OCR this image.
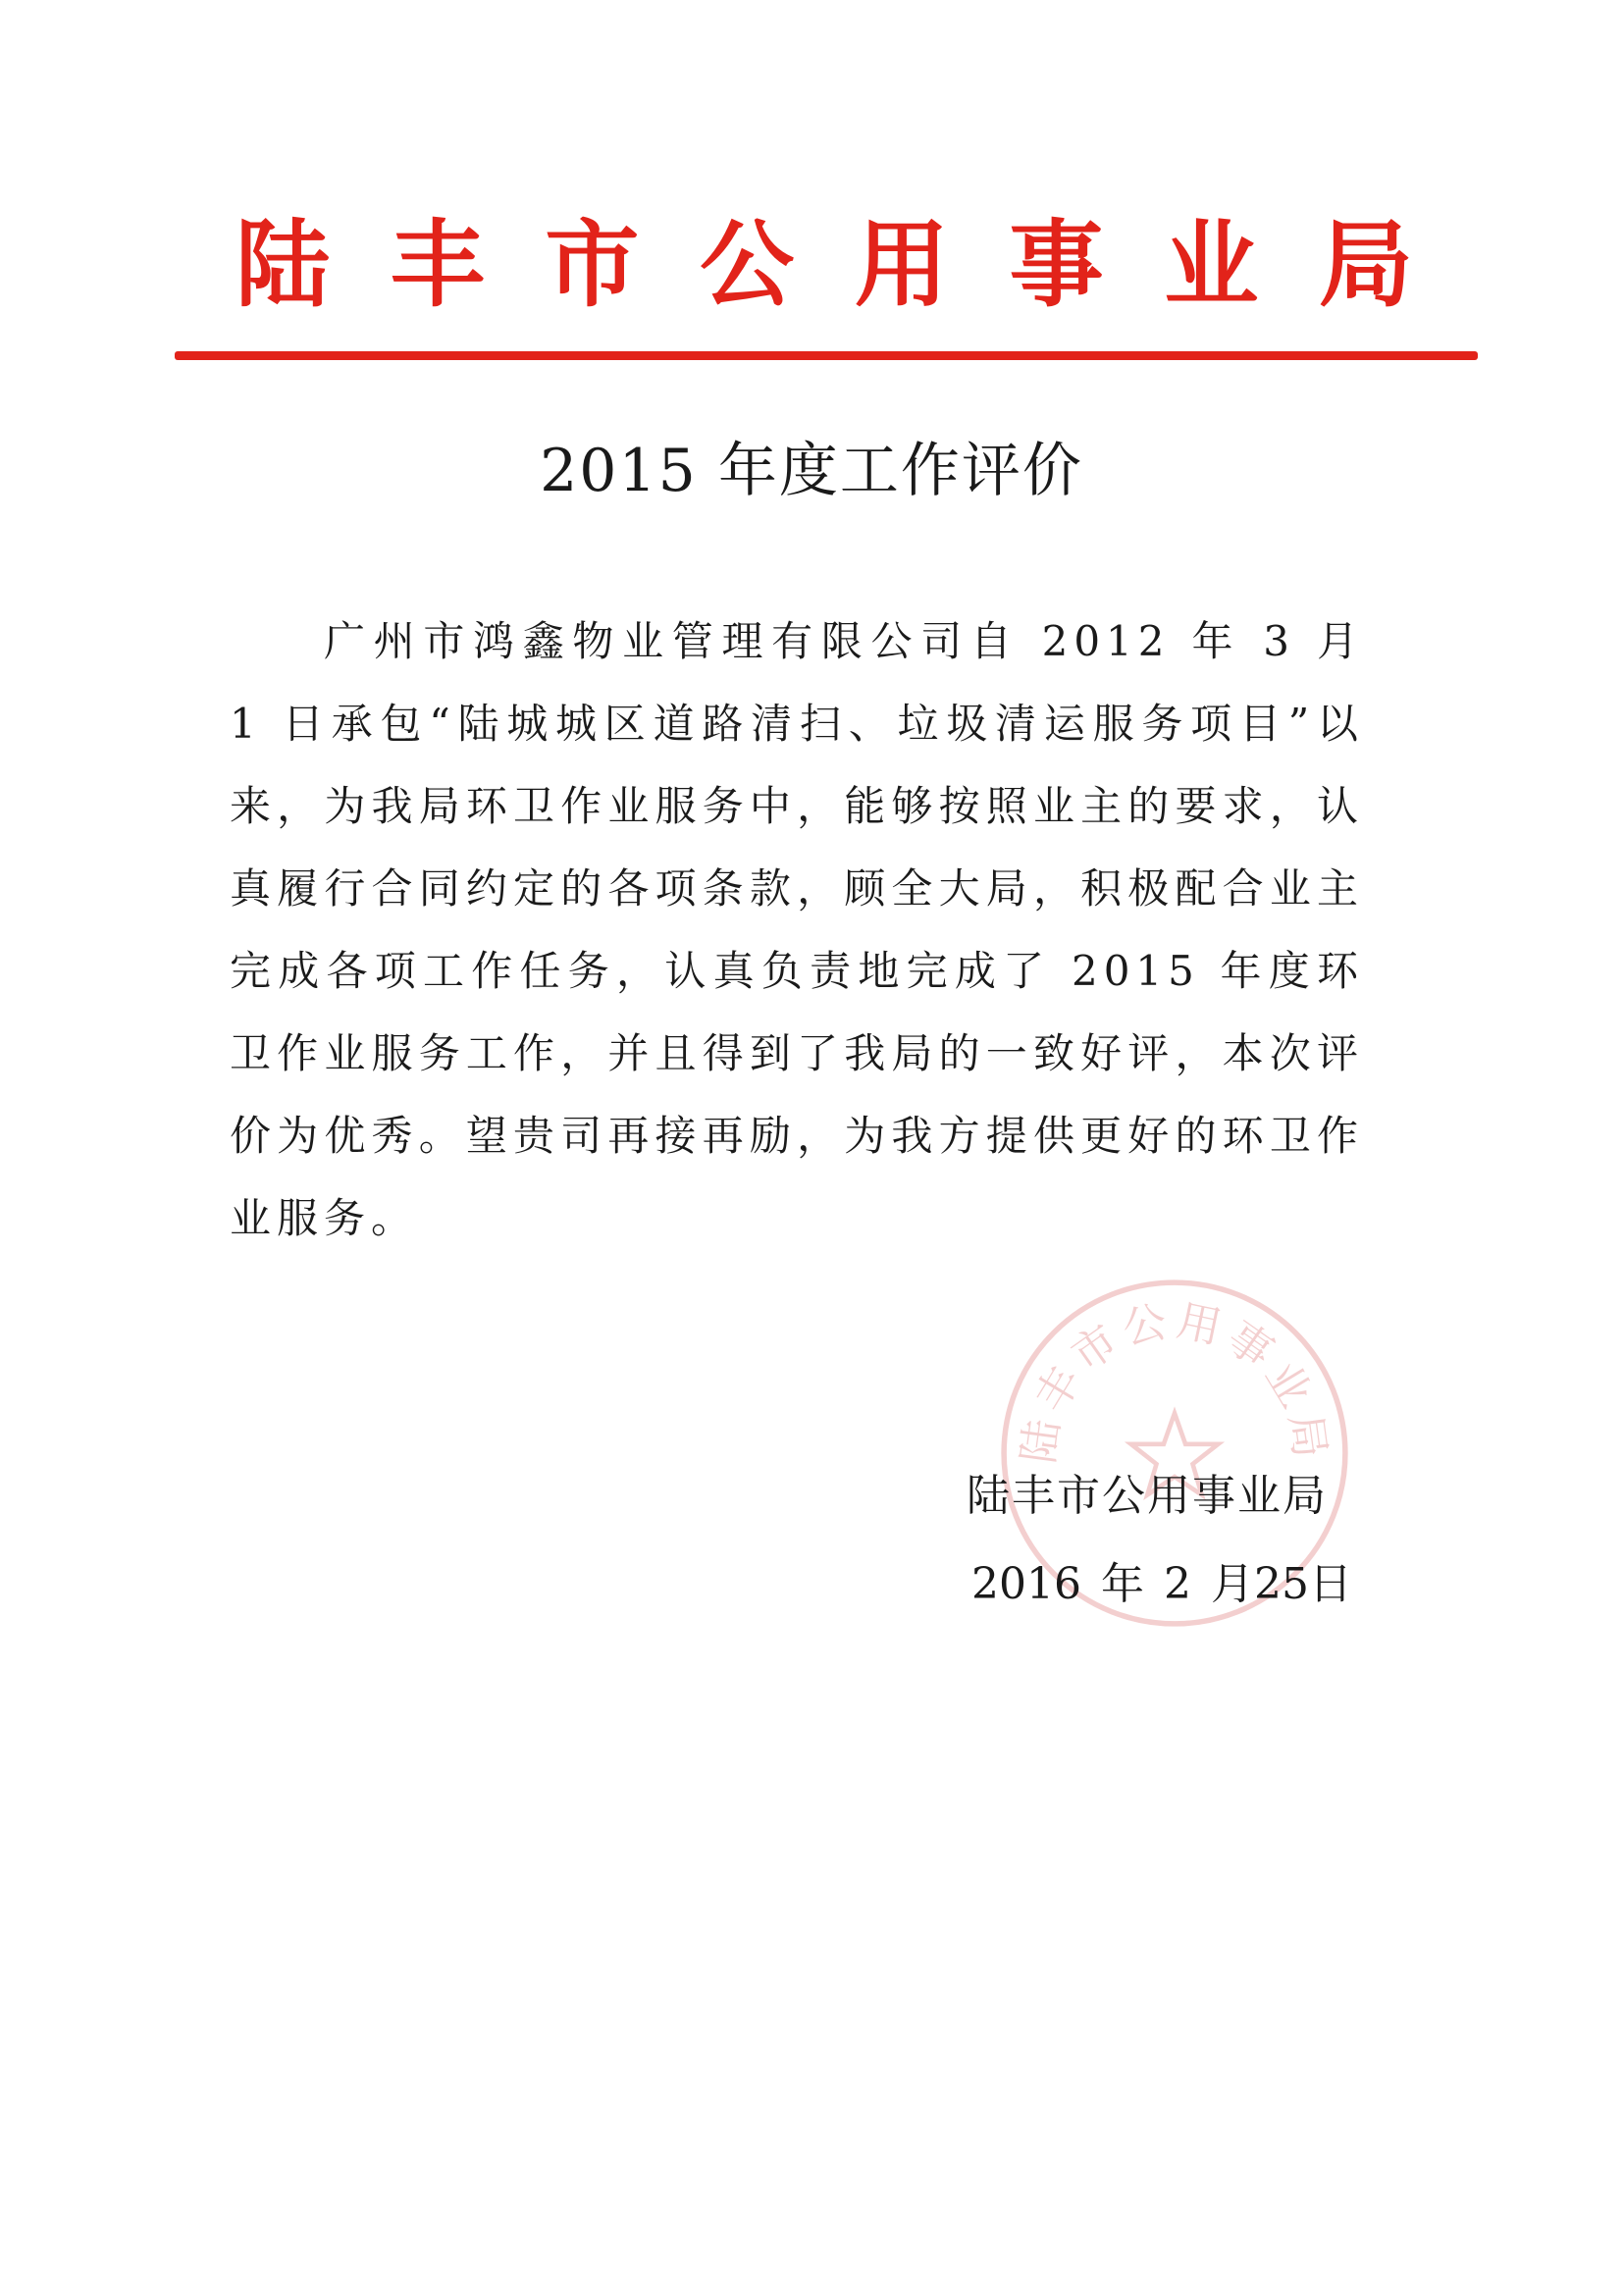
陆 丰 市 公 用 事 业 局
2015 年度工作评价

广州市鸿鑫物业管理有限公司自 2012 年 3 月 1 日承包“陆城城区道路清扫、垃圾清运服务项目”以来，为我局环卫作业服务中，能够按照业主的要求，认真履行合同约定的各项条款，顾全大局，积极配合业主完成各项工作任务，认真负责地完成了 2015 年度环卫作业服务工作，并且得到了我局的一致好评，本次评价为优秀。望贵司再接再励，为我方提供更好的环卫作业服务。

陆丰市公用事业局
陆丰市公用事业局
2016 年 2 月25日
